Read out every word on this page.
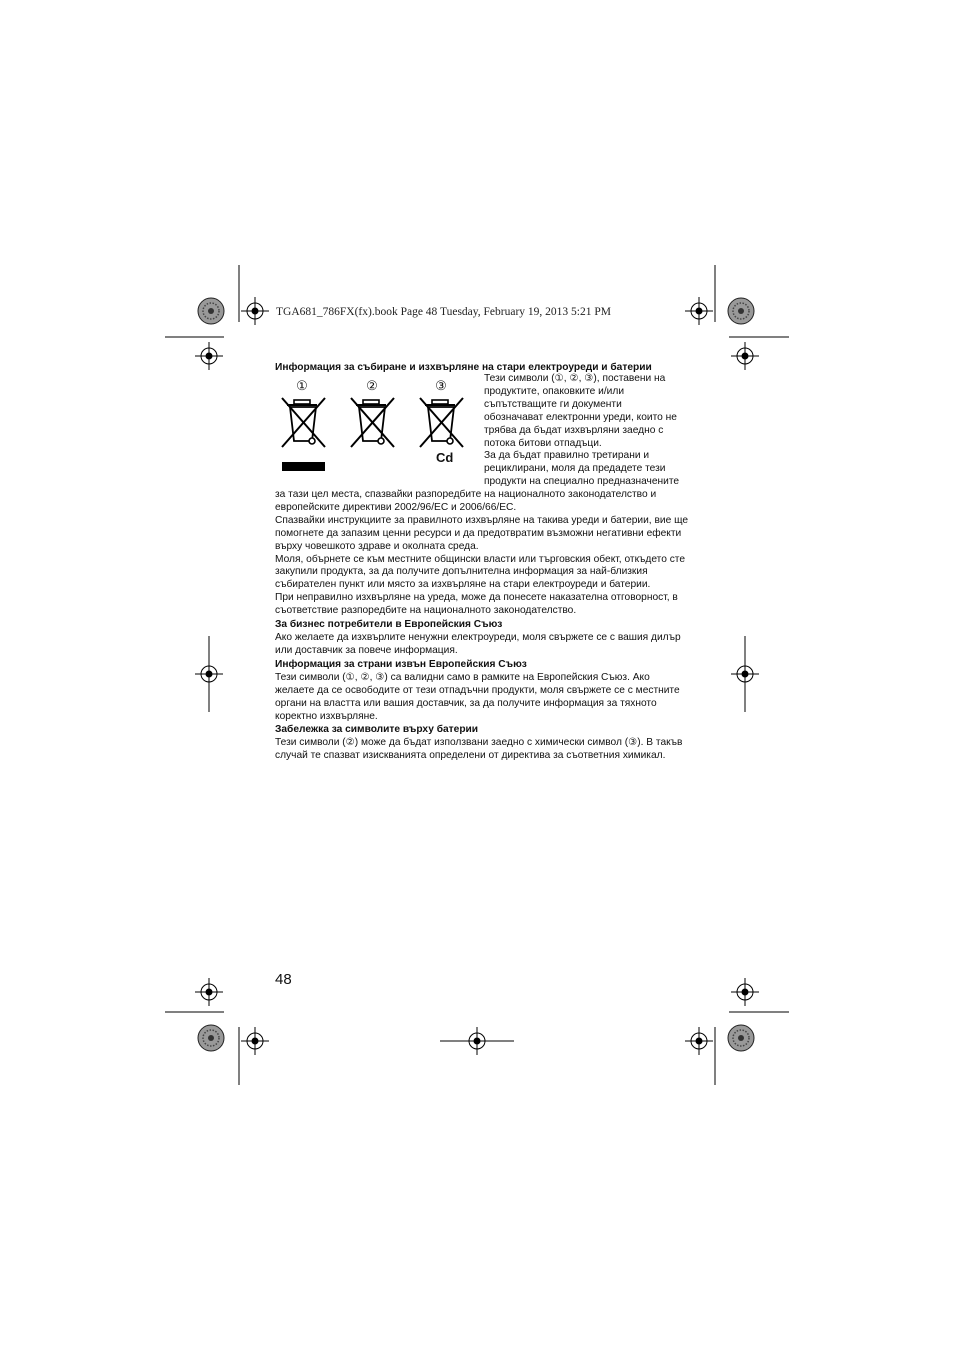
TGA681_786FX(fx).book Page 48 Tuesday, February 19, 2013 5:21 PM
Информация за събиране и изхвърляне на стари електроуреди и батерии
①	②	③
Cd

Тези символи (①, ②, ③), поставени на

продуктите, опаковките и/или

съпътстващите ги документи

обозначават електронни уреди, които не

трябва да бъдат изхвърляни заедно с

потока битови отпадъци.

За да бъдат правилно третирани и

рециклирани, моля да предадете тези

продукти на специално предназначените

за тази цел места, спазвайки разпоредбите на националното законодателство и

европейските директиви 2002/96/ЕС и 2006/66/ЕС.

Спазвайки инструкциите за правилното изхвърляне на такива уреди и батерии, вие ще

помогнете да запазим ценни ресурси и да предотвратим възможни негативни ефекти

върху човешкото здраве и околната среда.

Моля, обърнете се към местните общински власти или търговския обект, откъдето сте

закупили продукта, за да получите допълнителна информация за най-близкия

събирателен пункт или място за изхвърляне на стари електроуреди и батерии.

При неправилно изхвърляне на уреда, може да понесете наказателна отговорност, в

съответствие разпоредбите на националното законодателство.

За бизнес потребители в Европейския Съюз

Ако желаете да изхвърлите ненужни електроуреди, моля свържете се с вашия дилър

или доставчик за повече информация.

Информация за страни извън Европейския Съюз

Тези символи (①, ②, ③) са валидни само в рамките на Европейския Съюз. Ако

желаете да се освободите от тези отпадъчни продукти, моля свържете се с местните

органи на властта или вашия доставчик, за да получите информация за тяхното

коректно изхвърляне.

Забележка за символите върху батерии

Тези символи (②) може да бъдат използвани заедно с химически символ (③). В такъв

случай те спазват изискванията определени от директива за съответния химикал.

48
